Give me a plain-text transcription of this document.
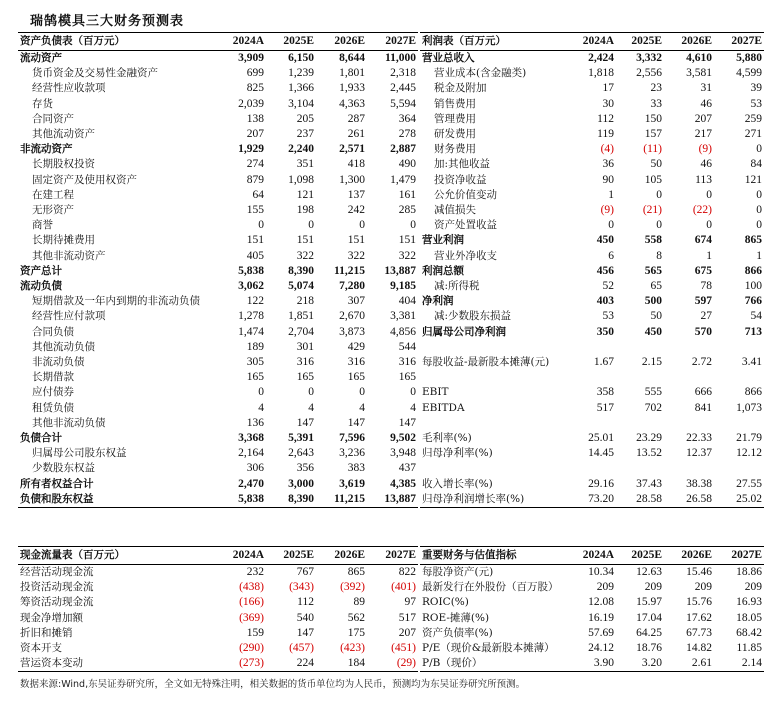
瑞鹄模具三大财务预测表
资产负债表（百万元）	2024A	2025E	2026E	2027E
流动资产	3,909	6,150	8,644	11,000
货币资金及交易性金融资产	699	1,239	1,801	2,318
经营性应收款项	825	1,366	1,933	2,445
存货	2,039	3,104	4,363	5,594
合同资产	138	205	287	364
其他流动资产	207	237	261	278
非流动资产	1,929	2,240	2,571	2,887
长期股权投资	274	351	418	490
固定资产及使用权资产	879	1,098	1,300	1,479
在建工程	64	121	137	161
无形资产	155	198	242	285
商誉	0	0	0	0
长期待摊费用	151	151	151	151
其他非流动资产	405	322	322	322
资产总计	5,838	8,390	11,215	13,887
流动负债	3,062	5,074	7,280	9,185
短期借款及一年内到期的非流动负债	122	218	307	404
经营性应付款项	1,278	1,851	2,670	3,381
合同负债	1,474	2,704	3,873	4,856
其他流动负债	189	301	429	544
非流动负债	305	316	316	316
长期借款	165	165	165	165
应付债券	0	0	0	0
租赁负债	4	4	4	4
其他非流动负债	136	147	147	147
负债合计	3,368	5,391	7,596	9,502
归属母公司股东权益	2,164	2,643	3,236	3,948
少数股东权益	306	356	383	437
所有者权益合计	2,470	3,000	3,619	4,385
负债和股东权益	5,838	8,390	11,215	13,887
利润表（百万元）	2024A	2025E	2026E	2027E
营业总收入	2,424	3,332	4,610	5,880
营业成本(含金融类)	1,818	2,556	3,581	4,599
税金及附加	17	23	31	39
销售费用	30	33	46	53
管理费用	112	150	207	259
研发费用	119	157	217	271
财务费用	(4)	(11)	(9)	0
加:其他收益	36	50	46	84
投资净收益	90	105	113	121
公允价值变动	1	0	0	0
减值损失	(9)	(21)	(22)	0
资产处置收益	0	0	0	0
营业利润	450	558	674	865
营业外净收支	6	8	1	1
利润总额	456	565	675	866
减:所得税	52	65	78	100
净利润	403	500	597	766
减:少数股东损益	53	50	27	54
归属母公司净利润	350	450	570	713

每股收益-最新股本摊薄(元)	1.67	2.15	2.72	3.41

EBIT	358	555	666	866
EBITDA	517	702	841	1,073

毛利率(%)	25.01	23.29	22.33	21.79
归母净利率(%)	14.45	13.52	12.37	12.12

收入增长率(%)	29.16	37.43	38.38	27.55
归母净利润增长率(%)	73.20	28.58	26.58	25.02
现金流量表（百万元）	2024A	2025E	2026E	2027E
经营活动现金流	232	767	865	822
投资活动现金流	(438)	(343)	(392)	(401)
筹资活动现金流	(166)	112	89	97
现金净增加额	(369)	540	562	517
折旧和摊销	159	147	175	207
资本开支	(290)	(457)	(423)	(451)
营运资本变动	(273)	224	184	(29)
重要财务与估值指标	2024A	2025E	2026E	2027E
每股净资产(元)	10.34	12.63	15.46	18.86
最新发行在外股份（百万股）	209	209	209	209
ROIC(%)	12.08	15.97	15.76	16.93
ROE-摊薄(%)	16.19	17.04	17.62	18.05
资产负债率(%)	57.69	64.25	67.73	68.42
P/E（现价&最新股本摊薄）	24.12	18.76	14.82	11.85
P/B（现价）	3.90	3.20	2.61	2.14
数据来源:Wind,东吴证券研究所，全文如无特殊注明，相关数据的货币单位均为人民币，预测均为东吴证券研究所预测。
